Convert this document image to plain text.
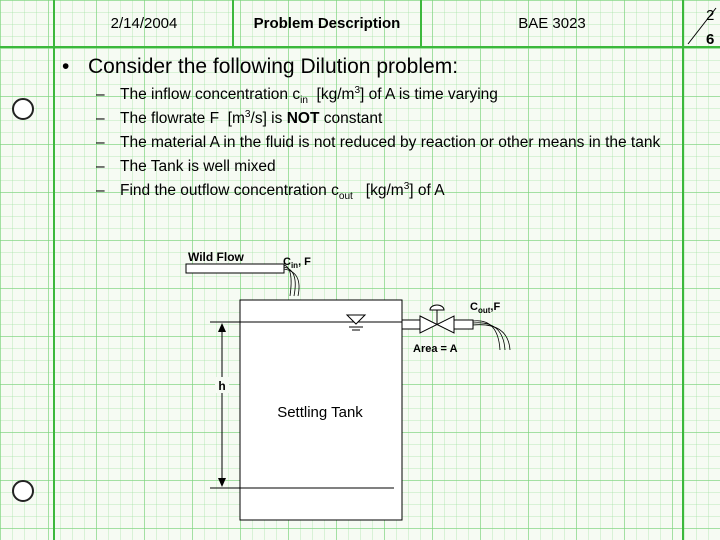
2/14/2004	Problem Description	BAE 3023	2
6
• Consider the following Dilution problem:
– The inflow concentration $c_{in}$  $[kg/m^3]$ of A is time varying
– The flowrate F  $[m^3/s]$ is NOT constant
– The material A in the fluid is not reduced by reaction or other means in the tank
– The Tank is well mixed
– Find the outflow concentration $c_{out}$   $[kg/m^3]$ of A
Wild Flow	$C_{in}$, F
Settling Tank
h
$C_{out},F$
Area = A
